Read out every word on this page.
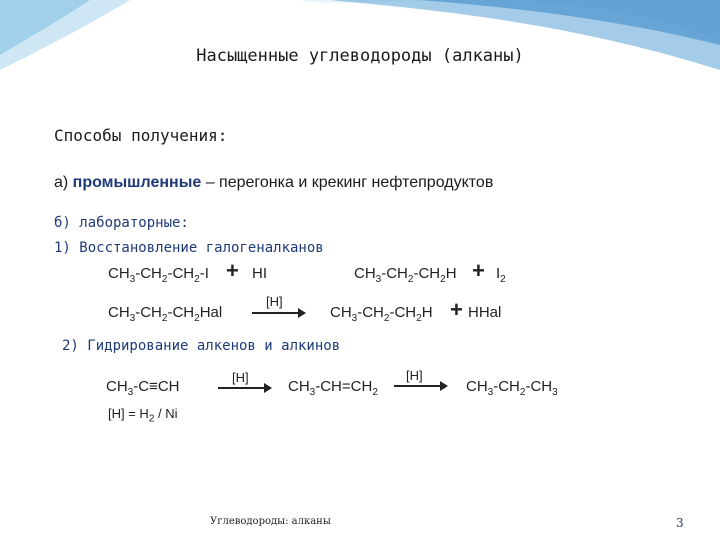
Насыщенные углеводороды (алканы)
Способы получения:
а) промышленные – перегонка и крекинг нефтепродуктов
б) лабораторные:
1) Восстановление галогеналканов
$CH_3-CH_2-CH_2-I$ + HI	$CH_3-CH_2-CH_2H + I_2$
$CH_3-CH_2-CH_2Hal$
[H]
$CH_3-CH_2-CH_2H$ + HHal
2) Гидрирование алкенов и алкинов
$CH_3-C\equiv CH$
[H]
$CH_3-CH=CH_2$
[H]
$CH_3-CH_2-CH_3$
$[H] = H_2 / Ni$
Углеводороды: алканы	3
